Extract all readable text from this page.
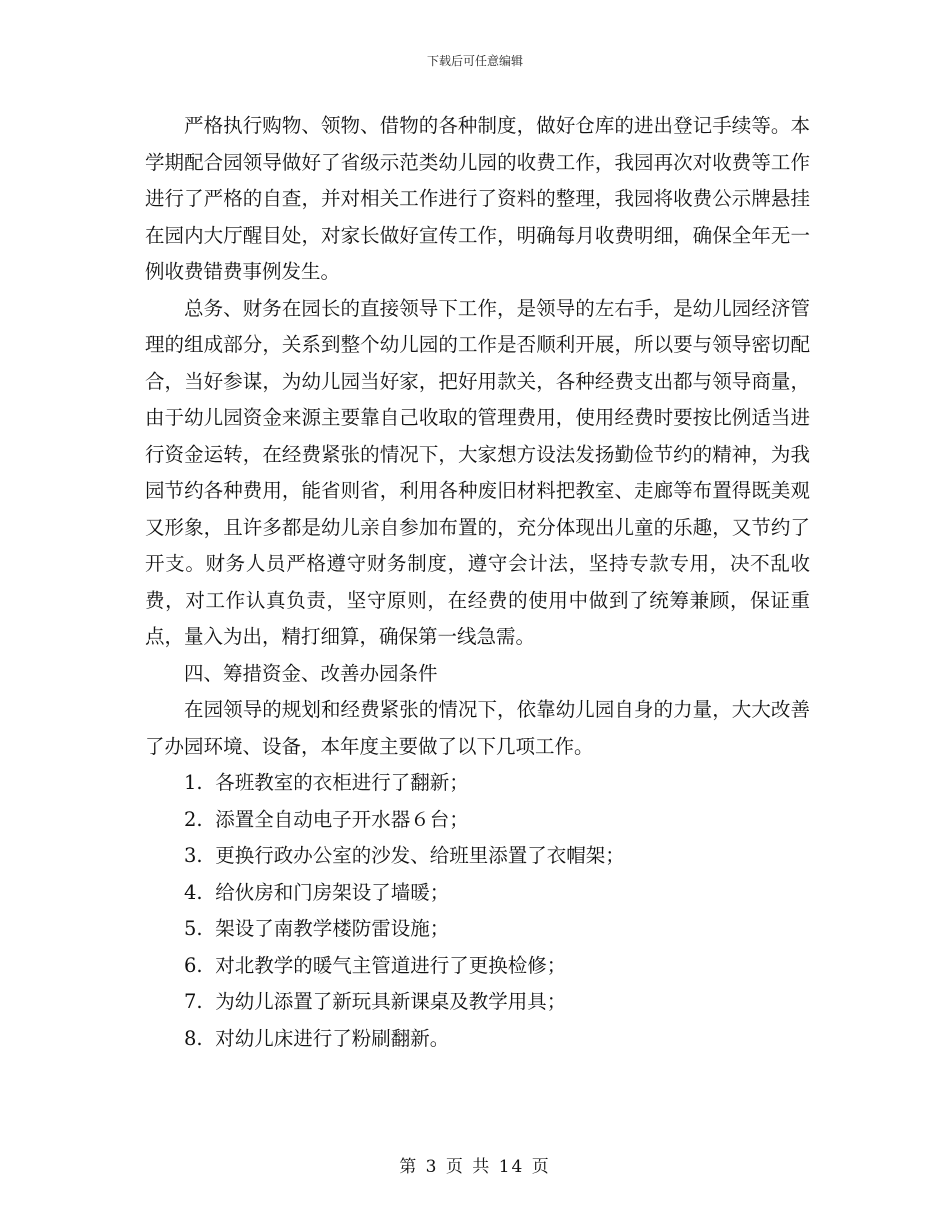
下载后可任意编辑

严格执行购物、领物、借物的各种制度，做好仓库的进出登记手续等。本学期配合园领导做好了省级示范类幼儿园的收费工作，我园再次对收费等工作进行了严格的自查，并对相关工作进行了资料的整理，我园将收费公示牌悬挂在园内大厅醒目处，对家长做好宣传工作，明确每月收费明细，确保全年无一例收费错费事例发生。

总务、财务在园长的直接领导下工作，是领导的左右手，是幼儿园经济管理的组成部分，关系到整个幼儿园的工作是否顺利开展，所以要与领导密切配合，当好参谋，为幼儿园当好家，把好用款关，各种经费支出都与领导商量，由于幼儿园资金来源主要靠自己收取的管理费用，使用经费时要按比例适当进行资金运转，在经费紧张的情况下，大家想方设法发扬勤俭节约的精神，为我园节约各种费用，能省则省，利用各种废旧材料把教室、走廊等布置得既美观又形象，且许多都是幼儿亲自参加布置的，充分体现出儿童的乐趣，又节约了开支。财务人员严格遵守财务制度，遵守会计法，坚持专款专用，决不乱收费，对工作认真负责，坚守原则，在经费的使用中做到了统筹兼顾，保证重点，量入为出，精打细算，确保第一线急需。

四、筹措资金、改善办园条件

在园领导的规划和经费紧张的情况下，依靠幼儿园自身的力量，大大改善了办园环境、设备，本年度主要做了以下几项工作。

1. 各班教室的衣柜进行了翻新；
2. 添置全自动电子开水器６台；
3. 更换行政办公室的沙发、给班里添置了衣帽架；
4. 给伙房和门房架设了墙暖；
5. 架设了南教学楼防雷设施；
6. 对北教学的暖气主管道进行了更换检修；
7. 为幼儿添置了新玩具新课桌及教学用具；
8. 对幼儿床进行了粉刷翻新。
第 3 页 共 14 页
